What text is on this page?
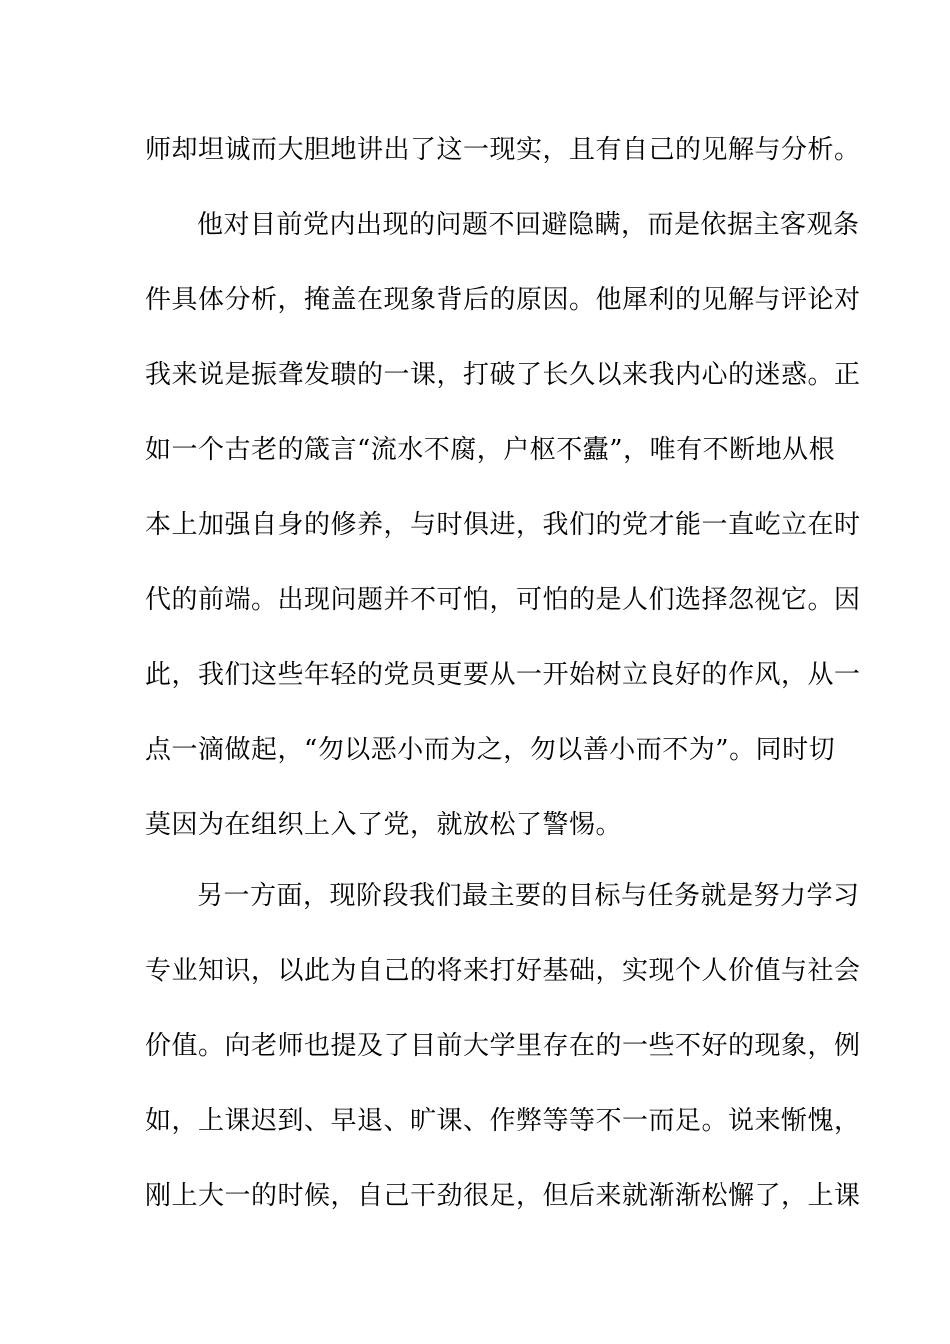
师却坦诚而大胆地讲出了这一现实，且有自己的见解与分析。
他对目前党内出现的问题不回避隐瞒，而是依据主客观条
件具体分析，掩盖在现象背后的原因。他犀利的见解与评论对
我来说是振聋发聩的一课，打破了长久以来我内心的迷惑。正
如一个古老的箴言“流水不腐，户枢不蠹”，唯有不断地从根
本上加强自身的修养，与时俱进，我们的党才能一直屹立在时
代的前端。出现问题并不可怕，可怕的是人们选择忽视它。因
此，我们这些年轻的党员更要从一开始树立良好的作风，从一
点一滴做起，“勿以恶小而为之，勿以善小而不为”。同时切
莫因为在组织上入了党，就放松了警惕。
另一方面，现阶段我们最主要的目标与任务就是努力学习
专业知识，以此为自己的将来打好基础，实现个人价值与社会
价值。向老师也提及了目前大学里存在的一些不好的现象，例
如，上课迟到、早退、旷课、作弊等等不一而足。说来惭愧，
刚上大一的时候，自己干劲很足，但后来就渐渐松懈了，上课
